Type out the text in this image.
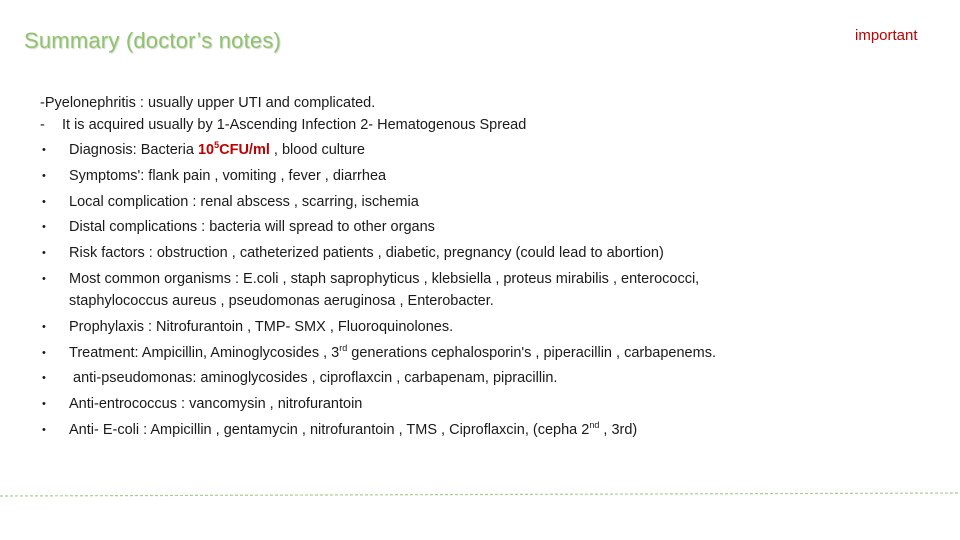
Summary (doctor’s notes)	important
-Pyelonephritis : usually upper UTI and complicated.
-	It is acquired usually by 1-Ascending Infection 2- Hematogenous Spread
•	Diagnosis: Bacteria $10^5CFU/ml$ , blood culture
•	Symptoms': flank pain , vomiting , fever , diarrhea
•	Local complication : renal abscess , scarring, ischemia
•	Distal complications : bacteria will spread to other organs
•	Risk factors : obstruction , catheterized patients , diabetic, pregnancy (could lead to abortion)
•	Most common organisms : E.coli , staph saprophyticus , klebsiella , proteus mirabilis , enterococci, staphylococcus aureus , pseudomonas aeruginosa , Enterobacter.
•	Prophylaxis : Nitrofurantoin , TMP- SMX , Fluoroquinolones.
•	Treatment: Ampicillin, Aminoglycosides , 3rd generations cephalosporin's , piperacillin , carbapenems.
•	anti-pseudomonas: aminoglycosides , ciproflaxcin , carbapenam, pipracillin.
•	Anti-entrococcus : vancomysin , nitrofurantoin
•	Anti- E-coli : Ampicillin , gentamycin , nitrofurantoin , TMS , Ciproflaxcin, (cepha 2nd , 3rd)
